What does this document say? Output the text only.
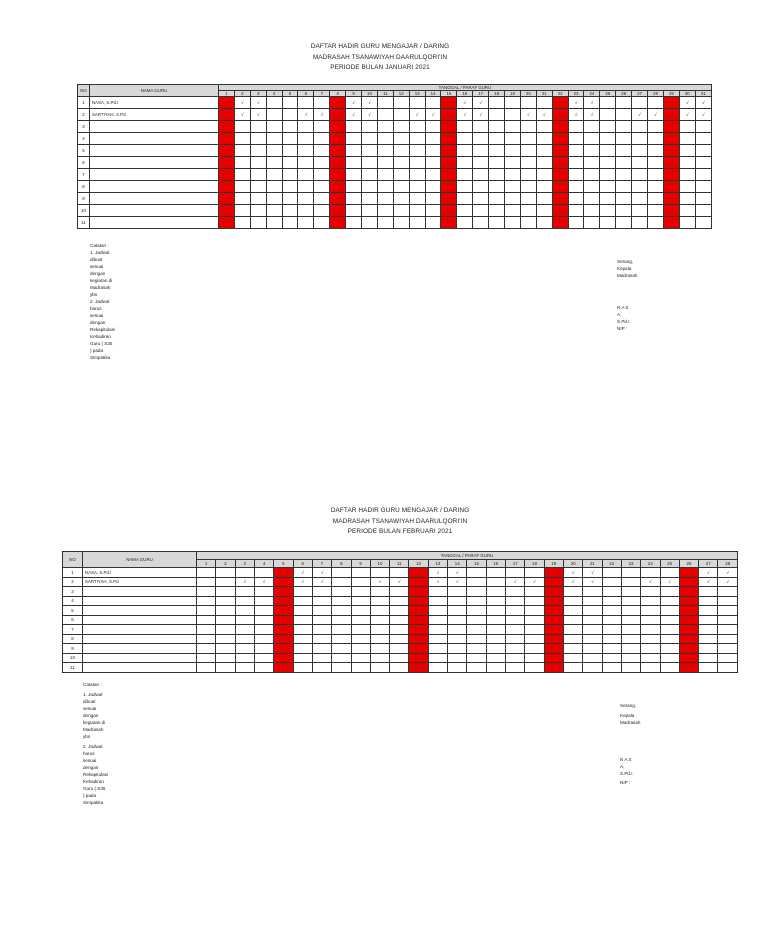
DAFTAR HADIR GURU MENGAJAR / DARING
MADRASAH TSANAWIYAH DAARULQORI'IN
PERIODE BULAN JANUARI 2021
NO	NAMA GURU	TANGGAL / PARAF GURU																														
		1	2	3	4	5	6	7	8	9	10	11	12	13	14	15	16	17	18	19	20	21	22	23	24	25	26	27	28	29	30	31
1	NASA, S.Pd.I		√	√						√	√						√	√						√	√						√	√
2	SARTIYAH, S.Pd		√	√			√	√		√	√			√	√		√	√			√	√		√	√			√	√		√	√
3																																
4																																
5																																
6																																
7																																
8																																
9																																
10																																
11																																
Catatan :
1. Jadwal dibuat sesuai dengan kegiatan di Madrasah ybs
2. Jadwal harus sesuai dengan Rekapitulasi Kehadiran Guru ( S35 ) pada Simpatika
Serang,
Kepala Madrasah
N A S A, S.Pd.I
NIP :
DAFTAR HADIR GURU MENGAJAR / DARING
MADRASAH TSANAWIYAH DAARULQORI'IN
PERIODE BULAN FEBRUARI 2021
NO	NAMA GURU	TANGGAL / PARAF GURU																											
		1	2	3	4	5	6	7	8	9	10	11	12	13	14	15	16	17	18	19	20	21	22	23	24	25	26	27	28
1	NASA, S.Pd.I						√	√						√	√						√	√						√	√
2	SARTIYAH, S.Pd			√	√		√	√			√	√		√	√			√	√		√	√			√	√		√	√
3																													
4																													
5																													
6																													
7																													
8																													
9																													
10																													
11																													
Catatan :
1. Jadwal dibuat sesuai dengan kegiatan di Madrasah ybs
2. Jadwal harus sesuai dengan Rekapitulasi Kehadiran Guru ( S35 ) pada Simpatika
Serang,
Kepala Madrasah
N A S A, S.Pd.I
NIP :
